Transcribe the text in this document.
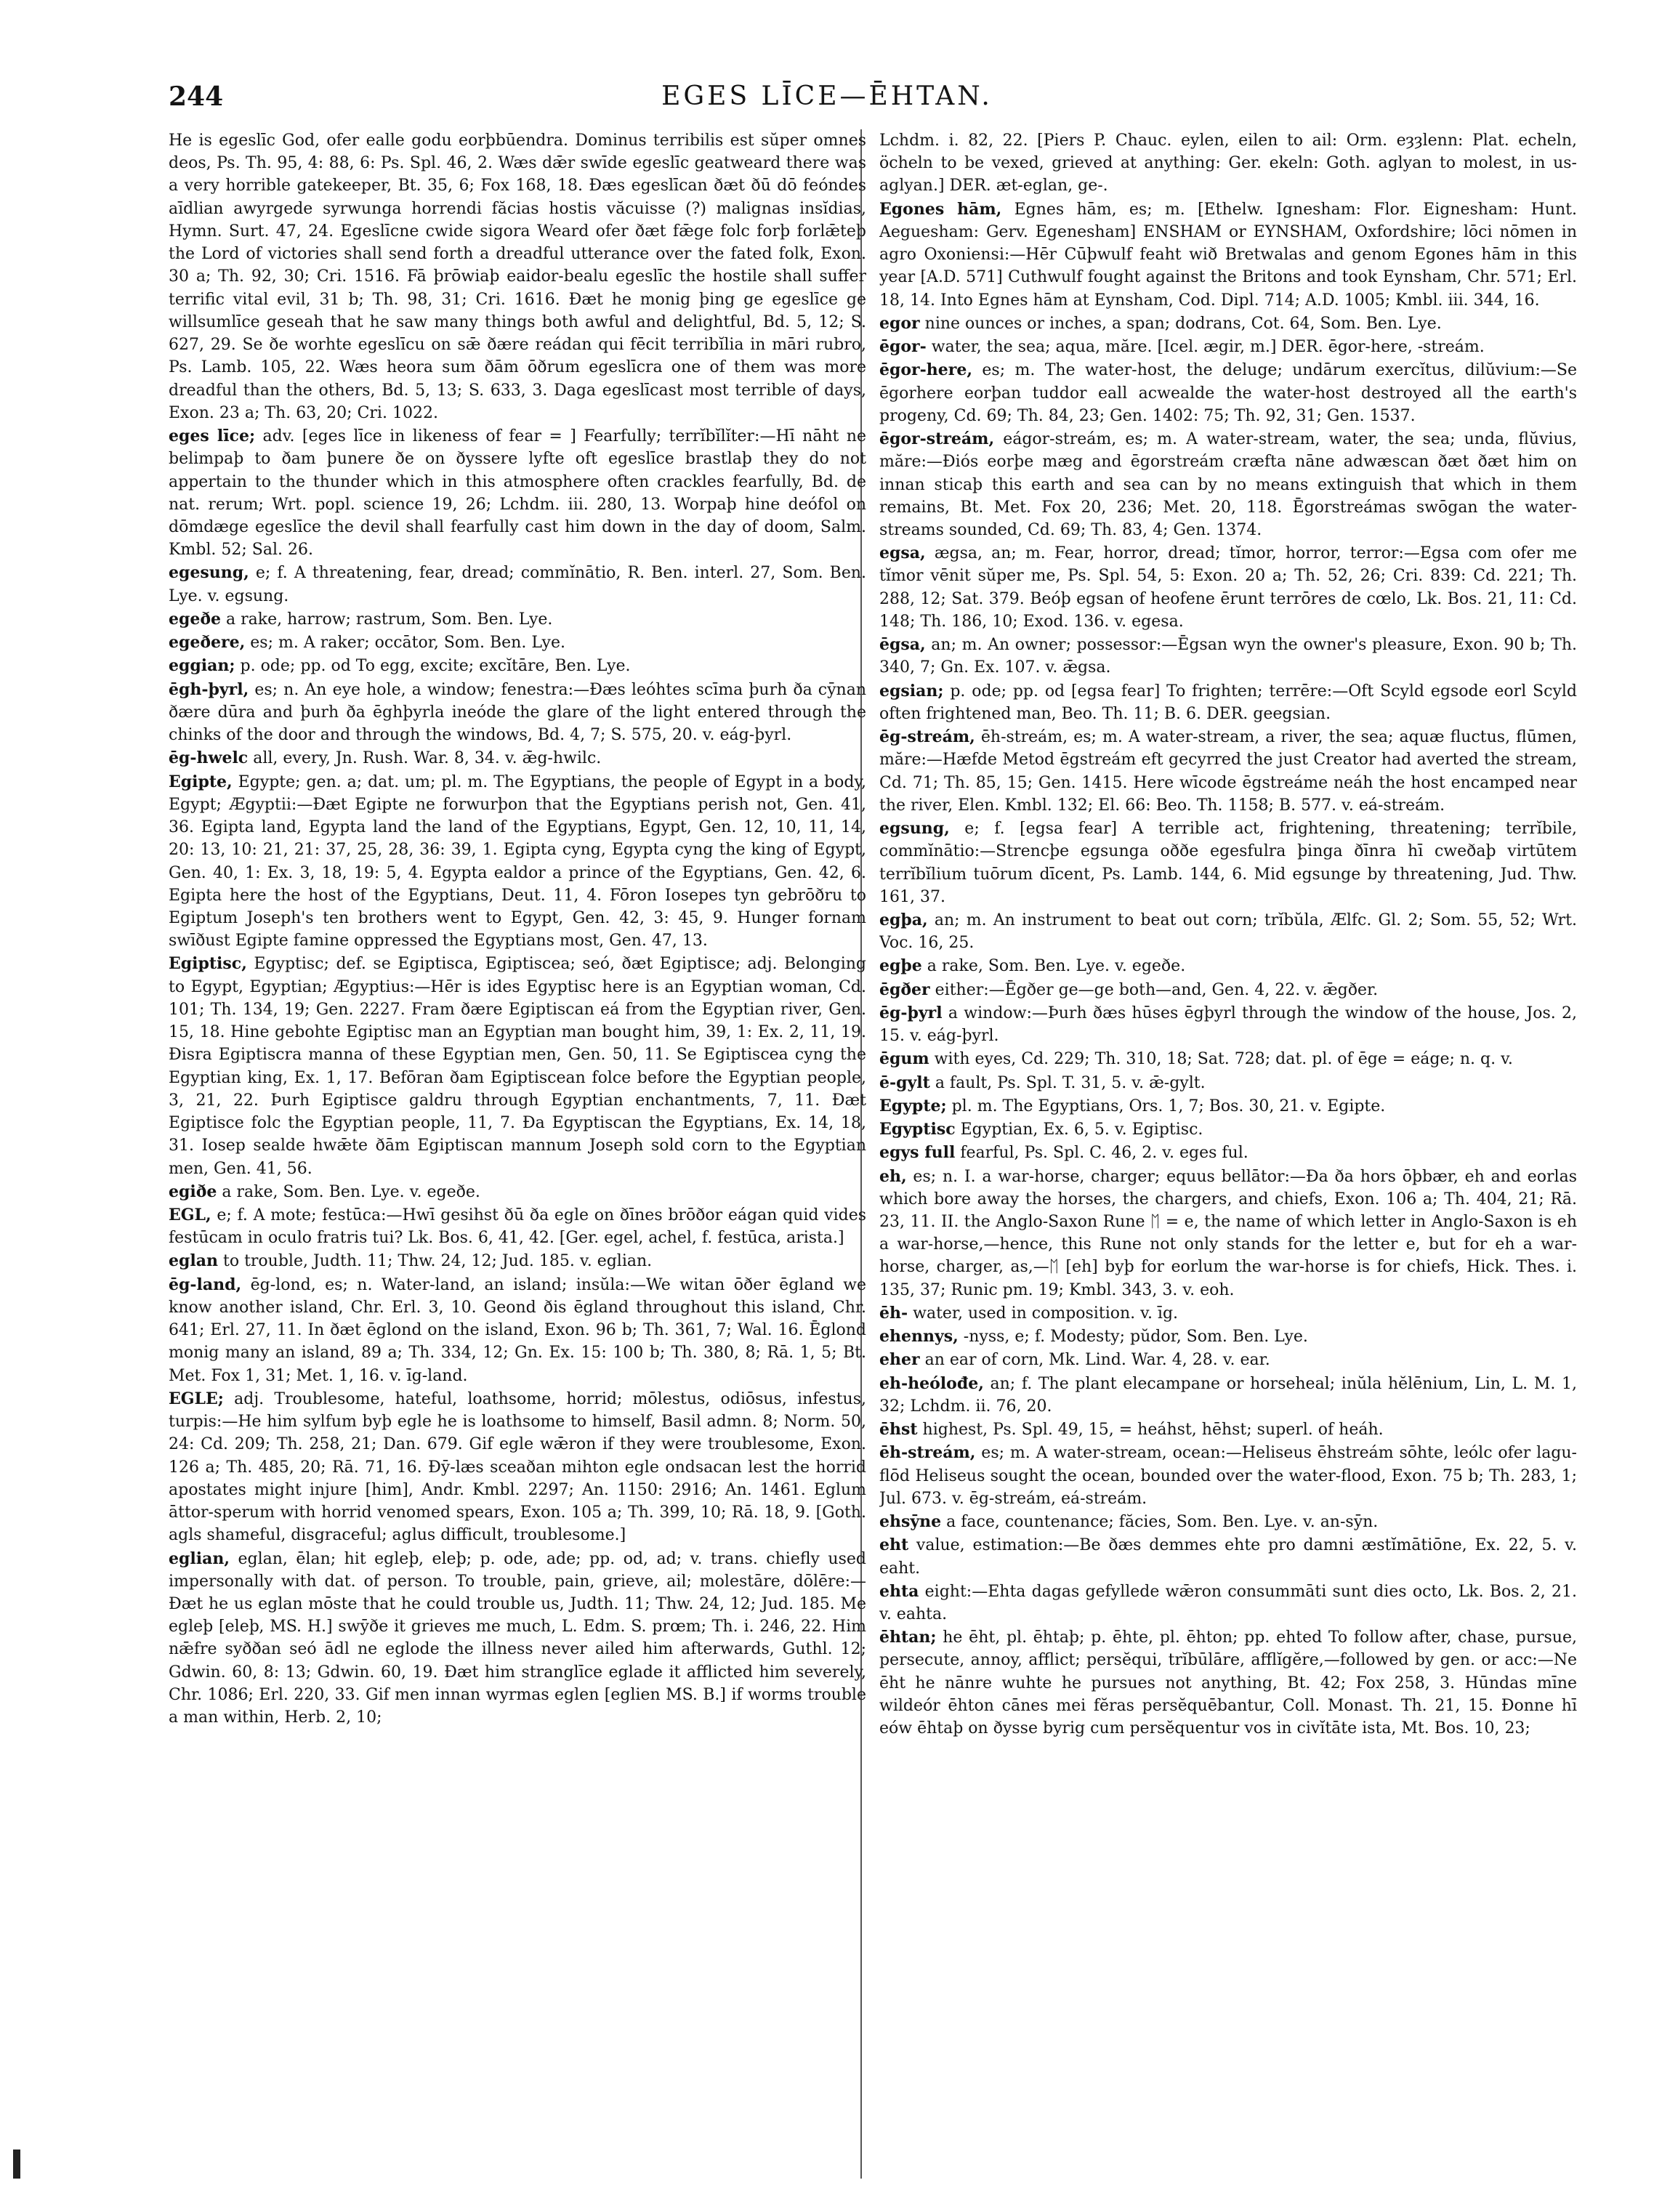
244	EGES LĪCE—ĒHTAN.

He is egeslīc God, ofer ealle godu eorþbūendra. Dominus terribilis est sŭper omnes deos, Ps. Th. 95, 4: 88, 6: Ps. Spl. 46, 2. Wæs dǣr swīde egeslīc geatweard there was a very horrible gatekeeper, Bt. 35, 6; Fox 168, 18. Ðæs egeslīcan ðæt ðū dō feóndes aīdlian awyrgede syrwunga horrendi făcias hostis văcuisse (?) malignas insĭdias, Hymn. Surt. 47, 24. Egeslīcne cwide sigora Weard ofer ðæt fǣge folc forþ forlǣteþ the Lord of victories shall send forth a dreadful utterance over the fated folk, Exon. 30 a; Th. 92, 30; Cri. 1516. Fā þrōwiaþ eaidor-bealu egeslīc the hostile shall suffer terrific vital evil, 31 b; Th. 98, 31; Cri. 1616. Ðæt he monig þing ge egeslīce ge willsumlīce geseah that he saw many things both awful and delightful, Bd. 5, 12; S. 627, 29. Se ðe worhte egeslīcu on sǣ ðære reádan qui fēcit terribĭlia in māri rubro, Ps. Lamb. 105, 22. Wæs heora sum ðām ōðrum egeslīcra one of them was more dreadful than the others, Bd. 5, 13; S. 633, 3. Daga egeslīcast most terrible of days, Exon. 23 a; Th. 63, 20; Cri. 1022.

eges līce; adv. [eges līce in likeness of fear = ] Fearfully; terrĭbĭlĭter:—Hī nāht ne belimpaþ to ðam þunere ðe on ðyssere lyfte oft egeslīce brastlaþ they do not appertain to the thunder which in this atmosphere often crackles fearfully, Bd. de nat. rerum; Wrt. popl. science 19, 26; Lchdm. iii. 280, 13. Worpaþ hine deófol on dōmdæge egeslīce the devil shall fearfully cast him down in the day of doom, Salm. Kmbl. 52; Sal. 26.

egesung, e; f. A threatening, fear, dread; commĭnātio, R. Ben. interl. 27, Som. Ben. Lye. v. egsung.

egeðe a rake, harrow; rastrum, Som. Ben. Lye.

egeðere, es; m. A raker; occātor, Som. Ben. Lye.

eggian; p. ode; pp. od To egg, excite; excĭtāre, Ben. Lye.

ēgh-þyrl, es; n. An eye hole, a window; fenestra:—Ðæs leóhtes scīma þurh ða cȳnan ðære dūra and þurh ða ēghþyrla ineóde the glare of the light entered through the chinks of the door and through the windows, Bd. 4, 7; S. 575, 20. v. eág-þyrl.

ēg-hwelc all, every, Jn. Rush. War. 8, 34. v. ǣg-hwilc.

Egipte, Egypte; gen. a; dat. um; pl. m. The Egyptians, the people of Egypt in a body, Egypt; Ægyptii:—Ðæt Egipte ne forwurþon that the Egyptians perish not, Gen. 41, 36. Egipta land, Egypta land the land of the Egyptians, Egypt, Gen. 12, 10, 11, 14, 20: 13, 10: 21, 21: 37, 25, 28, 36: 39, 1. Egipta cyng, Egypta cyng the king of Egypt, Gen. 40, 1: Ex. 3, 18, 19: 5, 4. Egypta ealdor a prince of the Egyptians, Gen. 42, 6. Egipta here the host of the Egyptians, Deut. 11, 4. Fōron Iosepes tyn gebrōðru to Egiptum Joseph's ten brothers went to Egypt, Gen. 42, 3: 45, 9. Hunger fornam swīðust Egipte famine oppressed the Egyptians most, Gen. 47, 13.

Egiptisc, Egyptisc; def. se Egiptisca, Egiptiscea; seó, ðæt Egiptisce; adj. Belonging to Egypt, Egyptian; Ægyptius:—Hēr is ides Egyptisc here is an Egyptian woman, Cd. 101; Th. 134, 19; Gen. 2227. Fram ðære Egiptiscan eá from the Egyptian river, Gen. 15, 18. Hine gebohte Egiptisc man an Egyptian man bought him, 39, 1: Ex. 2, 11, 19. Ðisra Egiptiscra manna of these Egyptian men, Gen. 50, 11. Se Egiptiscea cyng the Egyptian king, Ex. 1, 17. Befōran ðam Egiptiscean folce before the Egyptian people, 3, 21, 22. Þurh Egiptisce galdru through Egyptian enchantments, 7, 11. Ðæt Egiptisce folc the Egyptian people, 11, 7. Ða Egyptiscan the Egyptians, Ex. 14, 18, 31. Iosep sealde hwǣte ðām Egiptiscan mannum Joseph sold corn to the Egyptian men, Gen. 41, 56.

egiðe a rake, Som. Ben. Lye. v. egeðe.

EGL, e; f. A mote; festūca:—Hwī gesihst ðū ða egle on ðīnes brōðor eágan quid vides festūcam in oculo fratris tui? Lk. Bos. 6, 41, 42. [Ger. egel, achel, f. festūca, arista.]

eglan to trouble, Judth. 11; Thw. 24, 12; Jud. 185. v. eglian.

ēg-land, ēg-lond, es; n. Water-land, an island; insŭla:—We witan ōðer ēgland we know another island, Chr. Erl. 3, 10. Geond ðis ēgland throughout this island, Chr. 641; Erl. 27, 11. In ðæt ēglond on the island, Exon. 96 b; Th. 361, 7; Wal. 16. Ēglond monig many an island, 89 a; Th. 334, 12; Gn. Ex. 15: 100 b; Th. 380, 8; Rā. 1, 5; Bt. Met. Fox 1, 31; Met. 1, 16. v. īg-land.

EGLE; adj. Troublesome, hateful, loathsome, horrid; mōlestus, odiōsus, infestus, turpis:—He him sylfum byþ egle he is loathsome to himself, Basil admn. 8; Norm. 50, 24: Cd. 209; Th. 258, 21; Dan. 679. Gif egle wǣron if they were troublesome, Exon. 126 a; Th. 485, 20; Rā. 71, 16. Ðȳ-læs sceaðan mihton egle ondsacan lest the horrid apostates might injure [him], Andr. Kmbl. 2297; An. 1150: 2916; An. 1461. Eglum āttor-sperum with horrid venomed spears, Exon. 105 a; Th. 399, 10; Rā. 18, 9. [Goth. agls shameful, disgraceful; aglus difficult, troublesome.]

eglian, eglan, ēlan; hit egleþ, eleþ; p. ode, ade; pp. od, ad; v. trans. chiefly used impersonally with dat. of person. To trouble, pain, grieve, ail; molestāre, dōlēre:—Ðæt he us eglan mōste that he could trouble us, Judth. 11; Thw. 24, 12; Jud. 185. Me egleþ [eleþ, MS. H.] swȳðe it grieves me much, L. Edm. S. prœm; Th. i. 246, 22. Him nǣfre syððan seó ādl ne eglode the illness never ailed him afterwards, Guthl. 12; Gdwin. 60, 8: 13; Gdwin. 60, 19. Ðæt him stranglīce eglade it afflicted him severely, Chr. 1086; Erl. 220, 33. Gif men innan wyrmas eglen [eglien MS. B.] if worms trouble a man within, Herb. 2, 10;

Lchdm. i. 82, 22. [Piers P. Chauc. eylen, eilen to ail: Orm. eȝȝlenn: Plat. echeln, öcheln to be vexed, grieved at anything: Ger. ekeln: Goth. aglyan to molest, in us-aglyan.] DER. æt-eglan, ge-.

Egones hām, Egnes hām, es; m. [Ethelw. Ignesham: Flor. Eignesham: Hunt. Aeguesham: Gerv. Egenesham] ENSHAM or EYNSHAM, Oxfordshire; lōci nōmen in agro Oxoniensi:—Hēr Cūþwulf feaht wið Bretwalas and genom Egones hām in this year [A.D. 571] Cuthwulf fought against the Britons and took Eynsham, Chr. 571; Erl. 18, 14. Into Egnes hām at Eynsham, Cod. Dipl. 714; A.D. 1005; Kmbl. iii. 344, 16.

egor nine ounces or inches, a span; dodrans, Cot. 64, Som. Ben. Lye.

ēgor- water, the sea; aqua, măre. [Icel. ægir, m.] DER. ēgor-here, -streám.

ēgor-here, es; m. The water-host, the deluge; undārum exercĭtus, dilŭvium:—Se ēgorhere eorþan tuddor eall acwealde the water-host destroyed all the earth's progeny, Cd. 69; Th. 84, 23; Gen. 1402: 75; Th. 92, 31; Gen. 1537.

ēgor-streám, eágor-streám, es; m. A water-stream, water, the sea; unda, flŭvius, măre:—Ðiós eorþe mæg and ēgorstreám cræfta nāne adwæscan ðæt ðæt him on innan sticaþ this earth and sea can by no means extinguish that which in them remains, Bt. Met. Fox 20, 236; Met. 20, 118. Ēgorstreámas swōgan the water-streams sounded, Cd. 69; Th. 83, 4; Gen. 1374.

egsa, ægsa, an; m. Fear, horror, dread; tĭmor, horror, terror:—Egsa com ofer me tĭmor vēnit sŭper me, Ps. Spl. 54, 5: Exon. 20 a; Th. 52, 26; Cri. 839: Cd. 221; Th. 288, 12; Sat. 379. Beóþ egsan of heofene ērunt terrōres de cœlo, Lk. Bos. 21, 11: Cd. 148; Th. 186, 10; Exod. 136. v. egesa.

ēgsa, an; m. An owner; possessor:—Ēgsan wyn the owner's pleasure, Exon. 90 b; Th. 340, 7; Gn. Ex. 107. v. ǣgsa.

egsian; p. ode; pp. od [egsa fear] To frighten; terrēre:—Oft Scyld egsode eorl Scyld often frightened man, Beo. Th. 11; B. 6. DER. geegsian.

ēg-streám, ēh-streám, es; m. A water-stream, a river, the sea; aquæ fluctus, flūmen, măre:—Hæfde Metod ēgstreám eft gecyrred the just Creator had averted the stream, Cd. 71; Th. 85, 15; Gen. 1415. Here wīcode ēgstreáme neáh the host encamped near the river, Elen. Kmbl. 132; El. 66: Beo. Th. 1158; B. 577. v. eá-streám.

egsung, e; f. [egsa fear] A terrible act, frightening, threatening; terrĭbile, commĭnātio:—Strencþe egsunga oððe egesfulra þinga ðīnra hī cweðaþ virtūtem terrĭbĭlium tuōrum dīcent, Ps. Lamb. 144, 6. Mid egsunge by threatening, Jud. Thw. 161, 37.

egþa, an; m. An instrument to beat out corn; trĭbŭla, Ælfc. Gl. 2; Som. 55, 52; Wrt. Voc. 16, 25.

egþe a rake, Som. Ben. Lye. v. egeðe.

ēgðer either:—Ēgðer ge—ge both—and, Gen. 4, 22. v. ǣgðer.

ēg-þyrl a window:—Þurh ðæs hūses ēgþyrl through the window of the house, Jos. 2, 15. v. eág-þyrl.

ēgum with eyes, Cd. 229; Th. 310, 18; Sat. 728; dat. pl. of ēge = eáge; n. q. v.

ē-gylt a fault, Ps. Spl. T. 31, 5. v. ǣ-gylt.

Egypte; pl. m. The Egyptians, Ors. 1, 7; Bos. 30, 21. v. Egipte.

Egyptisc Egyptian, Ex. 6, 5. v. Egiptisc.

egys full fearful, Ps. Spl. C. 46, 2. v. eges ful.

eh, es; n. I. a war-horse, charger; equus bellātor:—Ða ða hors ōþbær, eh and eorlas which bore away the horses, the chargers, and chiefs, Exon. 106 a; Th. 404, 21; Rā. 23, 11. II. the Anglo-Saxon Rune ᛖ = e, the name of which letter in Anglo-Saxon is eh a war-horse,—hence, this Rune not only stands for the letter e, but for eh a war-horse, charger, as,—ᛖ [eh] byþ for eorlum the war-horse is for chiefs, Hick. Thes. i. 135, 37; Runic pm. 19; Kmbl. 343, 3. v. eoh.

ēh- water, used in composition. v. īg.

ehennys, -nyss, e; f. Modesty; pŭdor, Som. Ben. Lye.

eher an ear of corn, Mk. Lind. War. 4, 28. v. ear.

eh-heólođe, an; f. The plant elecampane or horseheal; inŭla hĕlēnium, Lin, L. M. 1, 32; Lchdm. ii. 76, 20.

ēhst highest, Ps. Spl. 49, 15, = heáhst, hēhst; superl. of heáh.

ēh-streám, es; m. A water-stream, ocean:—Heliseus ēhstreám sōhte, leólc ofer lagu-flōd Heliseus sought the ocean, bounded over the water-flood, Exon. 75 b; Th. 283, 1; Jul. 673. v. ēg-streám, eá-streám.

ehsȳne a face, countenance; făcies, Som. Ben. Lye. v. an-sȳn.

eht value, estimation:—Be ðæs demmes ehte pro damni æstĭmātiōne, Ex. 22, 5. v. eaht.

ehta eight:—Ehta dagas gefyllede wǣron consummāti sunt dies octo, Lk. Bos. 2, 21. v. eahta.

ēhtan; he ēht, pl. ēhtaþ; p. ēhte, pl. ēhton; pp. ehted To follow after, chase, pursue, persecute, annoy, afflict; persĕqui, trĭbūlāre, afflĭgĕre,—followed by gen. or acc:—Ne ēht he nānre wuhte he pursues not anything, Bt. 42; Fox 258, 3. Hūndas mīne wildeór ēhton cānes mei fĕras persĕquēbantur, Coll. Monast. Th. 21, 15. Ðonne hī eów ēhtaþ on ðysse byrig cum persĕquentur vos in civĭtāte ista, Mt. Bos. 10, 23;
